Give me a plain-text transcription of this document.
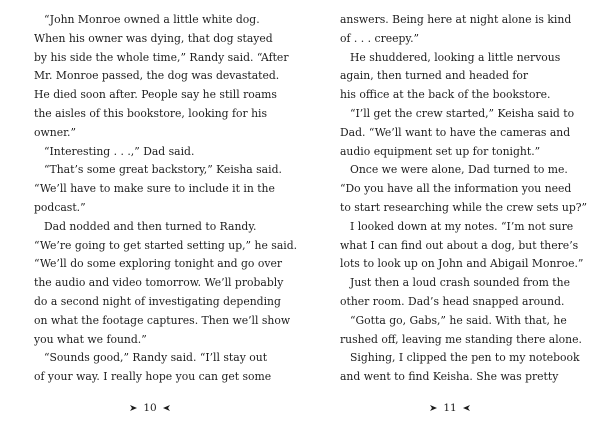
“John Monroe owned a little white dog.
When his owner was dying, that dog stayed
by his side the whole time,” Randy said. “After
Mr. Monroe passed, the dog was devastated.
He died soon after. People say he still roams
the aisles of this bookstore, looking for his
owner.”
“Interesting . . .,” Dad said.
“That’s some great backstory,” Keisha said.
“We’ll have to make sure to include it in the
podcast.”
Dad nodded and then turned to Randy.
“We’re going to get started setting up,” he said.
“We’ll do some exploring tonight and go over
the audio and video tomorrow. We’ll probably
do a second night of investigating depending
on what the footage captures. Then we’ll show
you what we found.”
“Sounds good,” Randy said. “I’ll stay out
of your way. I really hope you can get some
10
answers. Being here at night alone is kind
of . . . creepy.”
He shuddered, looking a little nervous
again, then turned and headed for
his office at the back of the bookstore.
“I’ll get the crew started,” Keisha said to
Dad. “We’ll want to have the cameras and
audio equipment set up for tonight.”
Once we were alone, Dad turned to me.
“Do you have all the information you need
to start researching while the crew sets up?”
I looked down at my notes. “I’m not sure
what I can find out about a dog, but there’s
lots to look up on John and Abigail Monroe.”
Just then a loud crash sounded from the
other room. Dad’s head snapped around.
“Gotta go, Gabs,” he said. With that, he
rushed off, leaving me standing there alone.
Sighing, I clipped the pen to my notebook
and went to find Keisha. She was pretty
11
